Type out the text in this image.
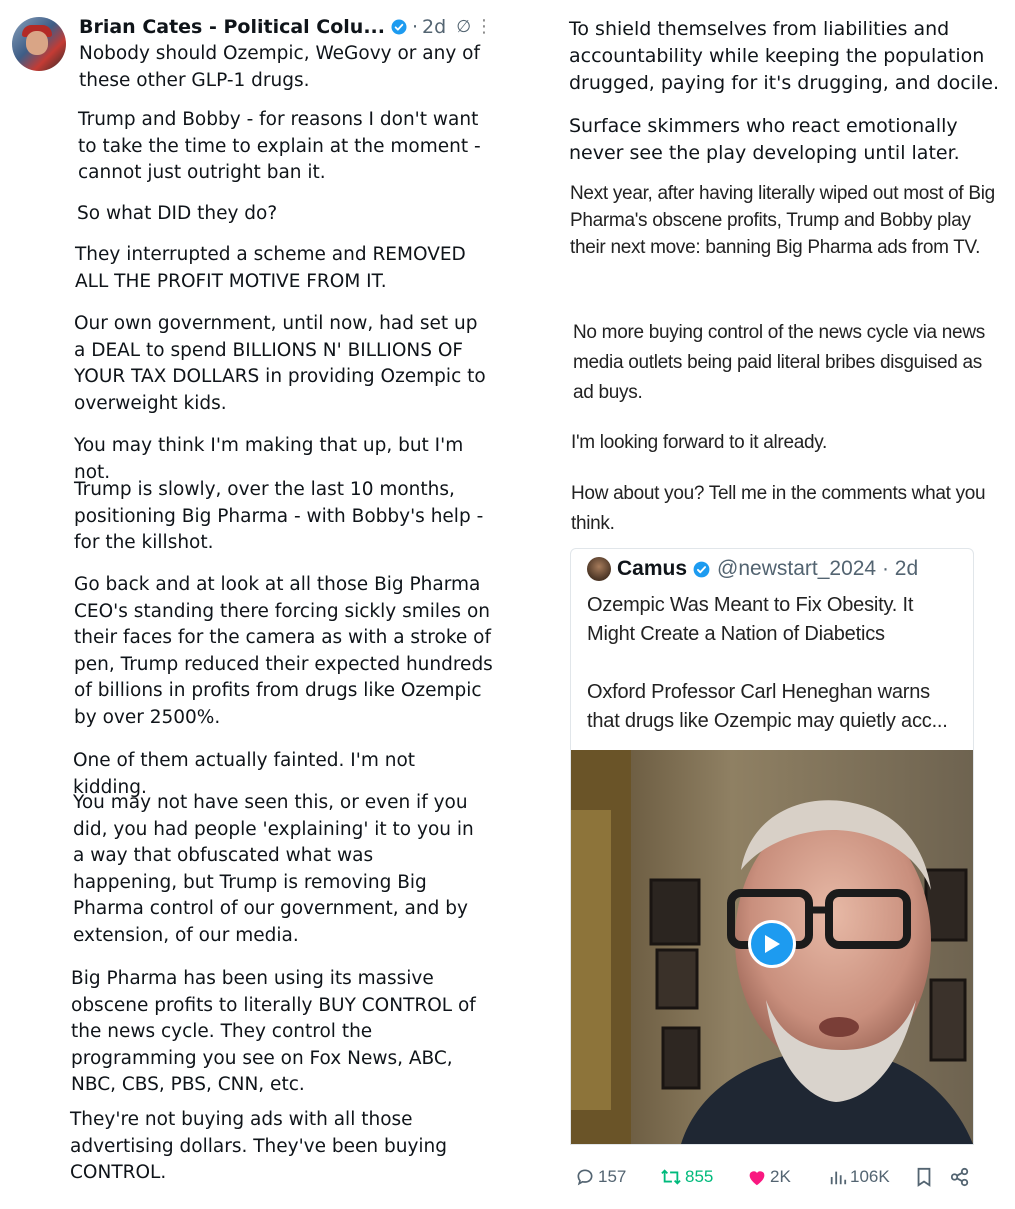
Brian Cates - Political Colu... · 2d ∅ ⋮

Nobody should Ozempic, WeGovy or any of these other GLP-1 drugs.

Trump and Bobby - for reasons I don't want to take the time to explain at the moment - cannot just outright ban it.

So what DID they do?

They interrupted a scheme and REMOVED ALL THE PROFIT MOTIVE FROM IT.

Our own government, until now, had set up a DEAL to spend BILLIONS N' BILLIONS OF YOUR TAX DOLLARS in providing Ozempic to overweight kids.

You may think I'm making that up, but I'm not.

Trump is slowly, over the last 10 months, positioning Big Pharma - with Bobby's help - for the killshot.

Go back and at look at all those Big Pharma CEO's standing there forcing sickly smiles on their faces for the camera as with a stroke of pen, Trump reduced their expected hundreds of billions in profits from drugs like Ozempic by over 2500%.

One of them actually fainted. I'm not kidding.

You may not have seen this, or even if you did, you had people 'explaining' it to you in a way that obfuscated what was happening, but Trump is removing Big Pharma control of our government, and by extension, of our media.

Big Pharma has been using its massive obscene profits to literally BUY CONTROL of the news cycle. They control the programming you see on Fox News, ABC, NBC, CBS, PBS, CNN, etc.

They're not buying ads with all those advertising dollars. They've been buying CONTROL.

To shield themselves from liabilities and accountability while keeping the population drugged, paying for it's drugging, and docile.

Surface skimmers who react emotionally never see the play developing until later.

Next year, after having literally wiped out most of Big Pharma's obscene profits, Trump and Bobby play their next move: banning Big Pharma ads from TV.

No more buying control of the news cycle via news media outlets being paid literal bribes disguised as ad buys.

I'm looking forward to it already.

How about you? Tell me in the comments what you think.

Camus @newstart_2024 · 2d

Ozempic Was Meant to Fix Obesity. It Might Create a Nation of Diabetics

Oxford Professor Carl Heneghan warns that drugs like Ozempic may quietly acc...

157	855	2K	106K
